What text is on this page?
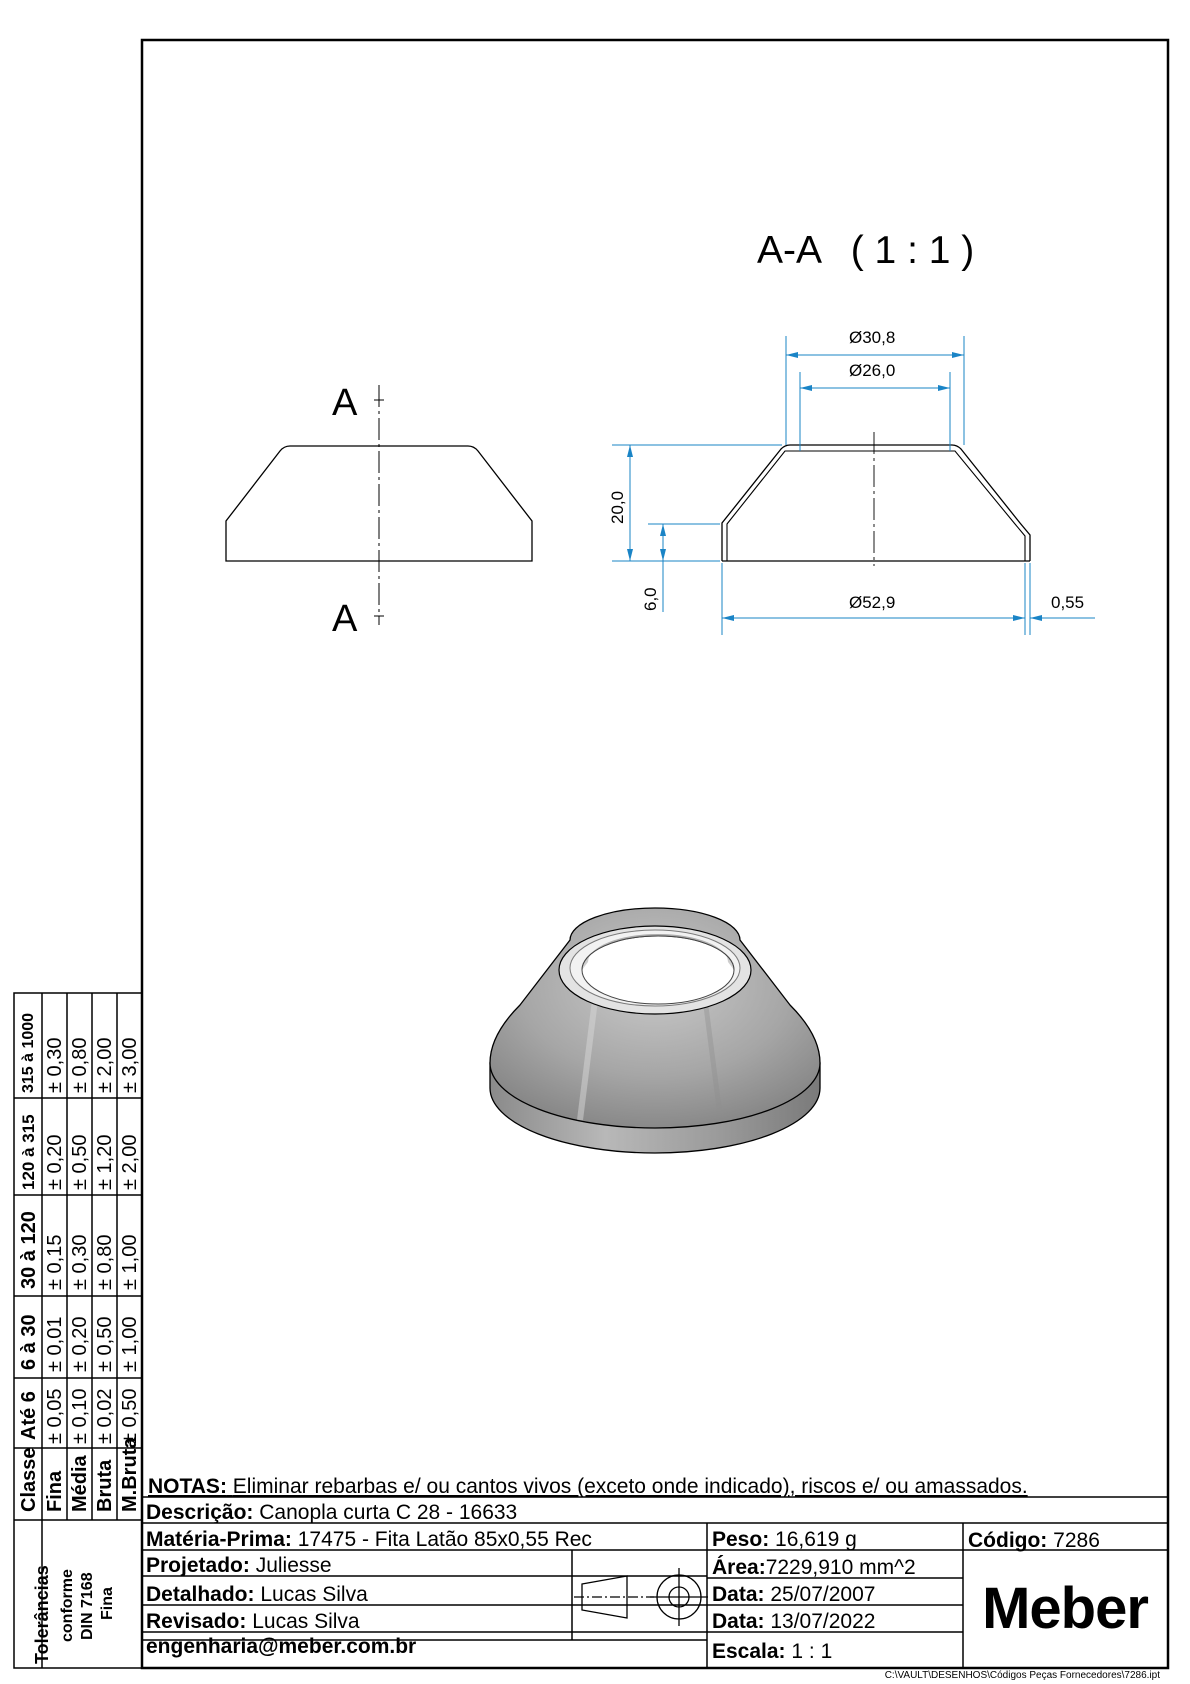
A
A
A-A ( 1 : 1 )
Ø30,8
Ø26,0
20,0
6,0	Ø52,9	0,55
Classe
Até 6
6 à 30
30 à 120
120 à 315
315 à 1000
Fina
± 0,05
± 0,01
± 0,15
± 0,20
± 0,30
Média
± 0,10
± 0,20
± 0,30
± 0,50
± 0,80
Bruta
± 0,02
± 0,50
± 0,80
± 1,20
± 2,00
M.Bruta
± 0,50
± 1,00
± 1,00
± 2,00
± 3,00
Tolerâncias conforme DIN 7168 Fina
NOTAS: Eliminar rebarbas e/ ou cantos vivos (exceto onde indicado), riscos e/ ou amassados.
Descrição: Canopla curta C 28 - 16633
Matéria-Prima: 17475 - Fita Latão 85x0,55 Rec	Peso: 16,619 g	Código: 7286
Projetado: Juliesse	Área:7229,910 mm^2
Detalhado: Lucas Silva	Data: 25/07/2007
Revisado: Lucas Silva	Data: 13/07/2022
engenharia@meber.com.br	Escala: 1 : 1
Meber
C:\VAULT\DESENHOS\Códigos Peças Fornecedores\7286.ipt
